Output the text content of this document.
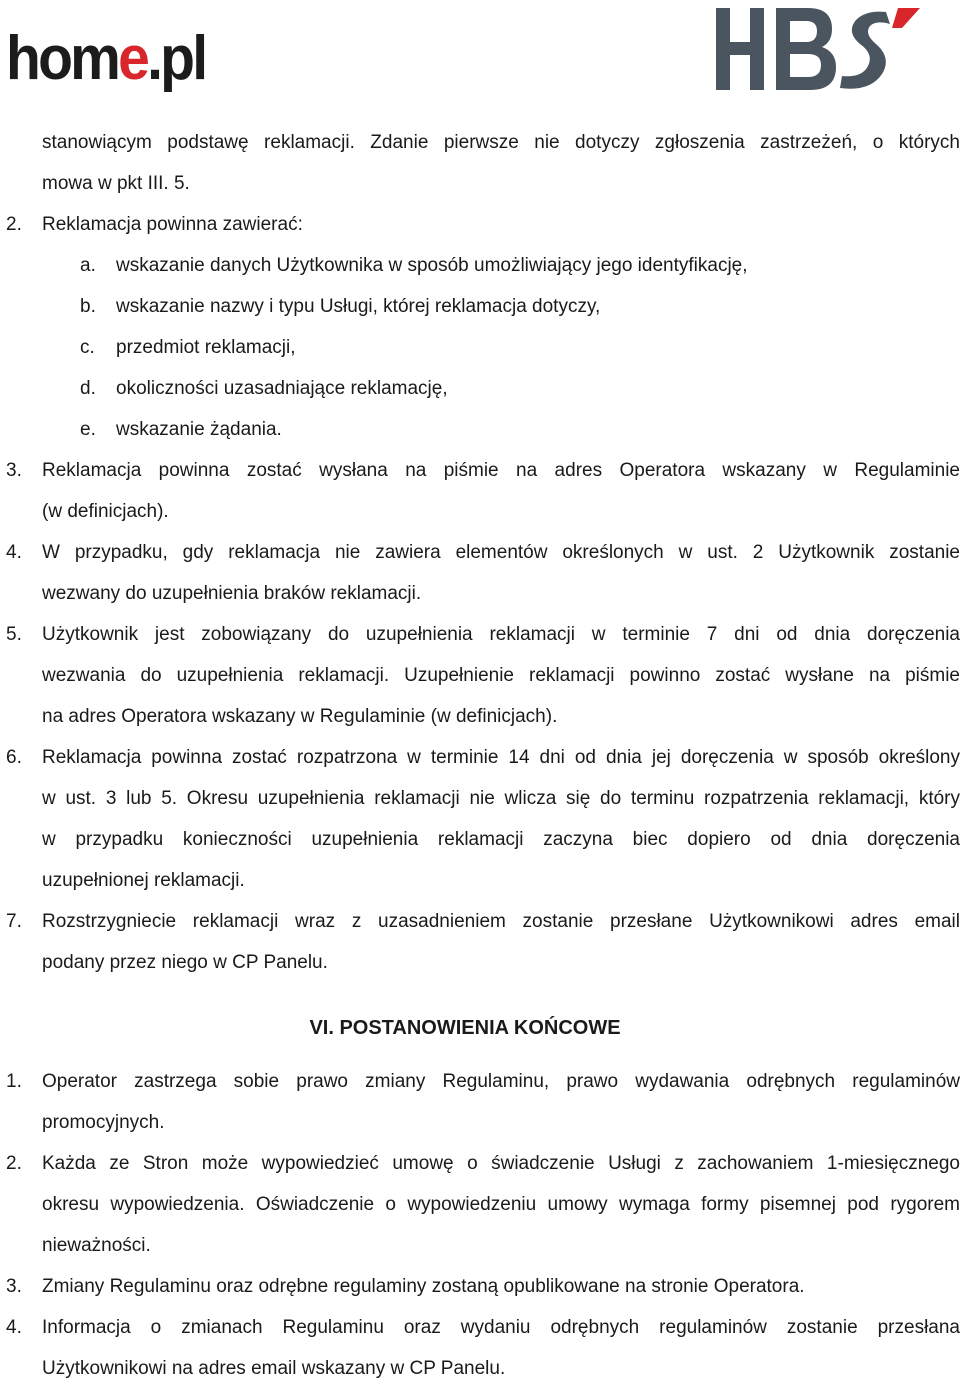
home.pl
stanowiącym podstawę reklamacji. Zdanie pierwsze nie dotyczy zgłoszenia zastrzeżeń, o których
mowa w pkt III. 5.
2. Reklamacja powinna zawierać:
a. wskazanie danych Użytkownika w sposób umożliwiający jego identyfikację,
b. wskazanie nazwy i typu Usługi, której reklamacja dotyczy,
c. przedmiot reklamacji,
d. okoliczności uzasadniające reklamację,
e. wskazanie żądania.
3. Reklamacja powinna zostać wysłana na piśmie na adres Operatora wskazany w Regulaminie
(w definicjach).
4. W przypadku, gdy reklamacja nie zawiera elementów określonych w ust. 2 Użytkownik zostanie
wezwany do uzupełnienia braków reklamacji.
5. Użytkownik jest zobowiązany do uzupełnienia reklamacji w terminie 7 dni od dnia doręczenia
wezwania do uzupełnienia reklamacji. Uzupełnienie reklamacji powinno zostać wysłane na piśmie
na adres Operatora wskazany w Regulaminie (w definicjach).
6. Reklamacja powinna zostać rozpatrzona w terminie 14 dni od dnia jej doręczenia w sposób określony
w ust. 3 lub 5. Okresu uzupełnienia reklamacji nie wlicza się do terminu rozpatrzenia reklamacji, który
w przypadku konieczności uzupełnienia reklamacji zaczyna biec dopiero od dnia doręczenia
uzupełnionej reklamacji.
7. Rozstrzygniecie reklamacji wraz z uzasadnieniem zostanie przesłane Użytkownikowi adres email
podany przez niego w CP Panelu.
VI. POSTANOWIENIA KOŃCOWE
1. Operator zastrzega sobie prawo zmiany Regulaminu, prawo wydawania odrębnych regulaminów
promocyjnych.
2. Każda ze Stron może wypowiedzieć umowę o świadczenie Usługi z zachowaniem 1-miesięcznego
okresu wypowiedzenia. Oświadczenie o wypowiedzeniu umowy wymaga formy pisemnej pod rygorem
nieważności.
3. Zmiany Regulaminu oraz odrębne regulaminy zostaną opublikowane na stronie Operatora.
4. Informacja o zmianach Regulaminu oraz wydaniu odrębnych regulaminów zostanie przesłana
Użytkownikowi na adres email wskazany w CP Panelu.
